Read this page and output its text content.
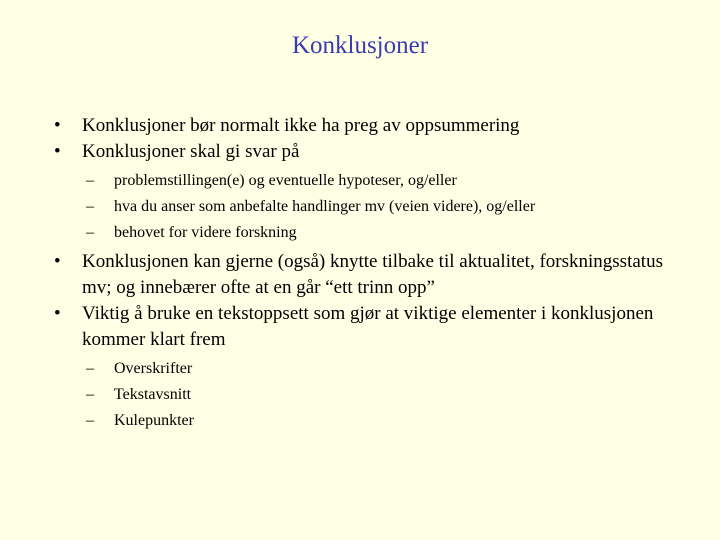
Konklusjoner
• Konklusjoner bør normalt ikke ha preg av oppsummering
• Konklusjoner skal gi svar på
– problemstillingen(e) og eventuelle hypoteser, og/eller
– hva du anser som anbefalte handlinger mv (veien videre), og/eller
– behovet for videre forskning
• Konklusjonen kan gjerne (også) knytte tilbake til aktualitet, forskningsstatus mv; og innebærer ofte at en går “ett trinn opp”
• Viktig å bruke en tekstoppsett som gjør at viktige elementer i konklusjonen kommer klart frem
– Overskrifter
– Tekstavsnitt
– Kulepunkter
